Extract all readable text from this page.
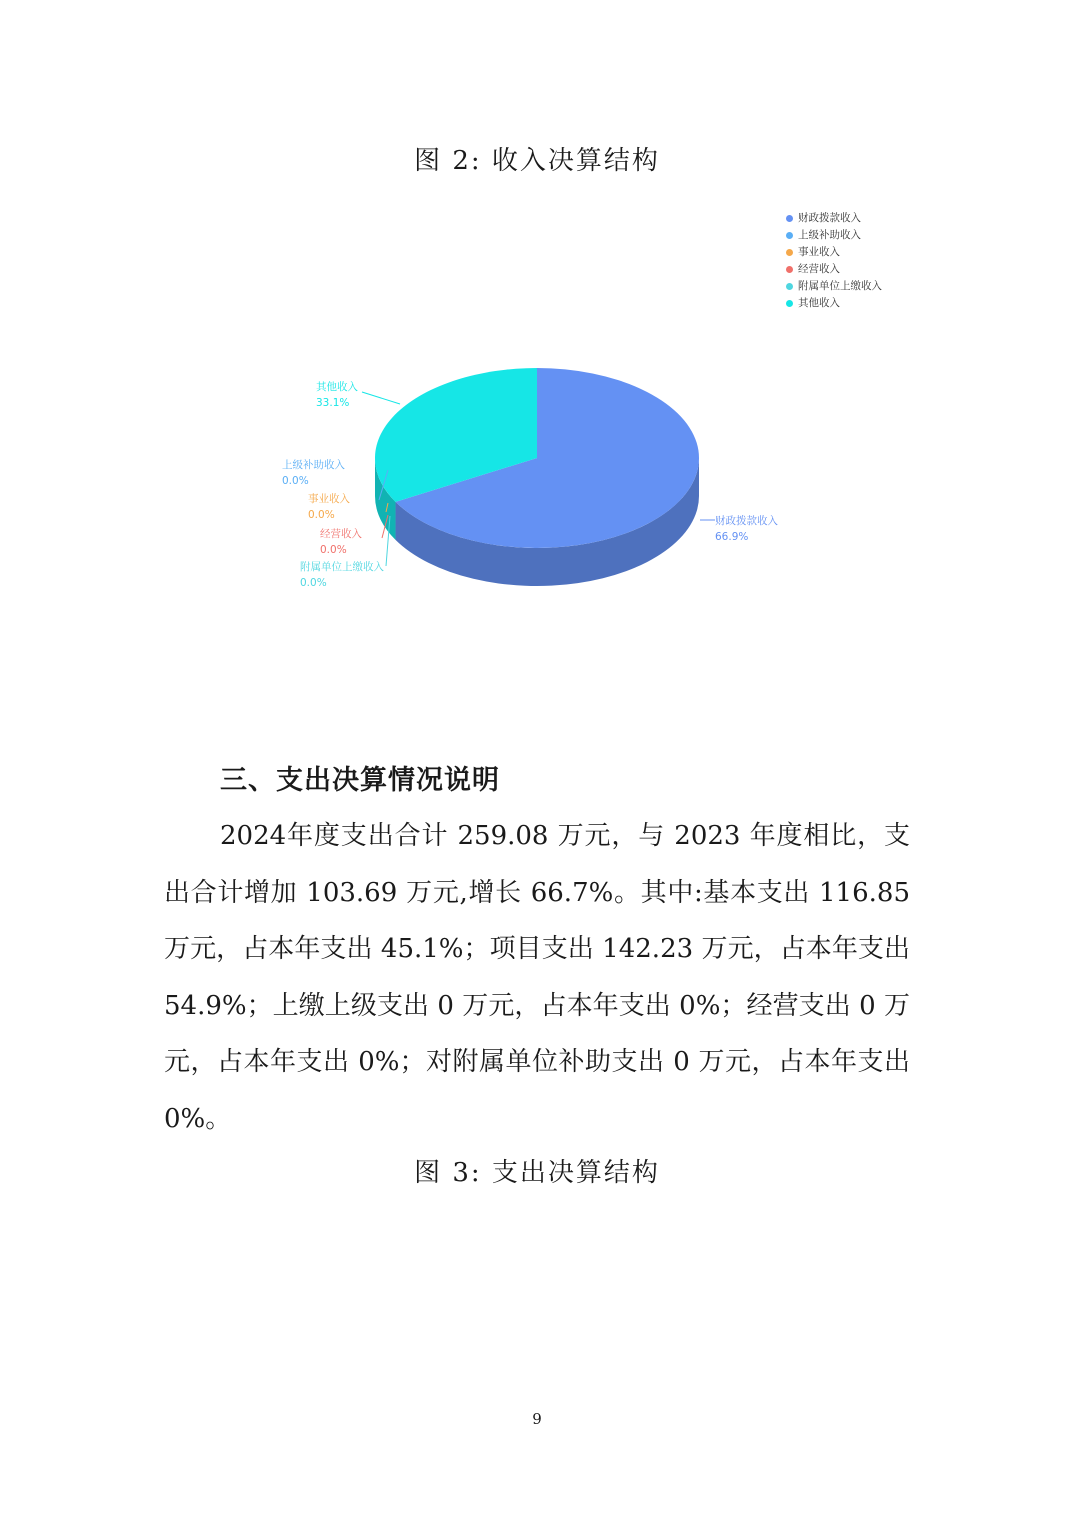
图 2: 收入决算结构
财政拨款收入
上级补助收入
事业收入
经营收入
附属单位上缴收入
其他收入
财政拨款收入
66.9%
上级补助收入
0.0%
事业收入
0.0%
经营收入
0.0%
附属单位上缴收入
0.0%
其他收入
33.1%
三、支出决算情况说明

2024年度支出合计 259.08 万元，与 2023 年度相比，支出合计增加 103.69 万元,增长 66.7%。其中:基本支出 116.85 万元，占本年支出 45.1%；项目支出 142.23 万元，占本年支出 54.9%；上缴上级支出 0 万元，占本年支出 0%；经营支出 0 万元，占本年支出 0%；对附属单位补助支出 0 万元，占本年支出 0%。

图 3: 支出决算结构
9
